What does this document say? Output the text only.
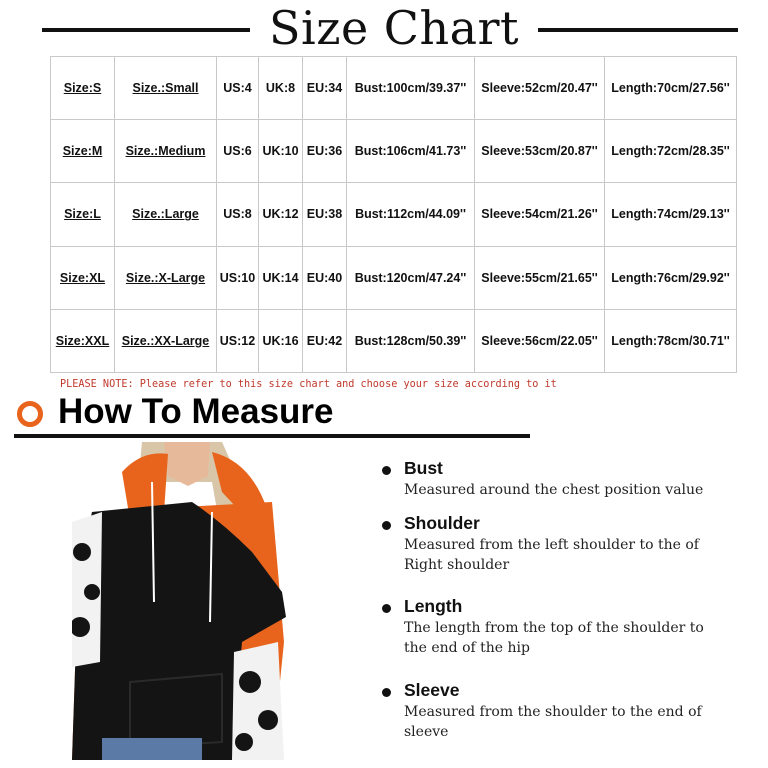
Size Chart
Size:S	Size.:Small	US:4	UK:8	EU:34	Bust:100cm/39.37''	Sleeve:52cm/20.47''	Length:70cm/27.56''
Size:M	Size.:Medium	US:6	UK:10	EU:36	Bust:106cm/41.73''	Sleeve:53cm/20.87''	Length:72cm/28.35''
Size:L	Size.:Large	US:8	UK:12	EU:38	Bust:112cm/44.09''	Sleeve:54cm/21.26''	Length:74cm/29.13''
Size:XL	Size.:X-Large	US:10	UK:14	EU:40	Bust:120cm/47.24''	Sleeve:55cm/21.65''	Length:76cm/29.92''
Size:XXL	Size.:XX-Large	US:12	UK:16	EU:42	Bust:128cm/50.39''	Sleeve:56cm/22.05''	Length:78cm/30.71''
PLEASE NOTE: Please refer to this size chart and choose your size according to it
How To Measure
Bust
Measured around the chest position value
Shoulder
Measured from the left shoulder to the of Right shoulder
Length
The length from the top of the shoulder to the end of the hip
Sleeve
Measured from the shoulder to the end of sleeve
